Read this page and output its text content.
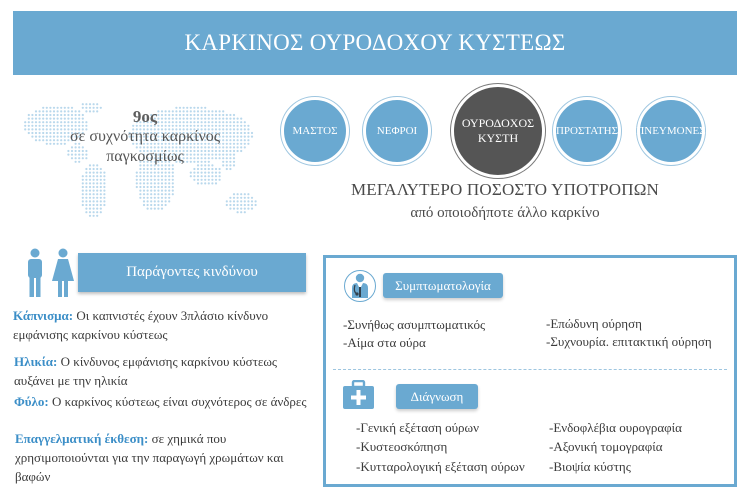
ΚΑΡΚΙΝΟΣ ΟΥΡΟΔΟΧΟΥ ΚΥΣΤΕΩΣ
9ος
σε συχνότητα καρκίνος παγκοσμίως
ΜΑΣΤΟΣ	ΝΕΦΡΟΙ
ΟΥΡΟΔΟΧΟΣ ΚΥΣΤΗ
ΠΡΟΣΤΑΤΗΣ ΠΝΕΥΜΟΝΕΣ
ΜΕΓΑΛΥΤΕΡΟ ΠΟΣΟΣΤΟ ΥΠΟΤΡΟΠΩΝ
από οποιοδήποτε άλλο καρκίνο
Παράγοντες κινδύνου
Κάπνισμα: Οι καπνιστές έχουν 3πλάσιο κίνδυνο εμφάνισης καρκίνου κύστεως
Ηλικία: Ο κίνδυνος εμφάνισης καρκίνου κύστεως αυξάνει με την ηλικία
Φύλο: Ο καρκίνος κύστεως είναι συχνότερος σε άνδρες
Επαγγελματική έκθεση: σε χημικά που χρησιμοποιούνται για την παραγωγή χρωμάτων και βαφών
Συμπτωματολογία
-Συνήθως ασυμπτωματικός
-Αίμα στα ούρα
-Επώδυνη ούρηση
-Συχνουρία. επιτακτική ούρηση
Διάγνωση
-Γενική εξέταση ούρων
-Κυστεοσκόπηση
-Κυτταρολογική εξέταση ούρων
-Ενδοφλέβια ουρογραφία
-Αξονική τομογραφία
-Βιοψία κύστης
